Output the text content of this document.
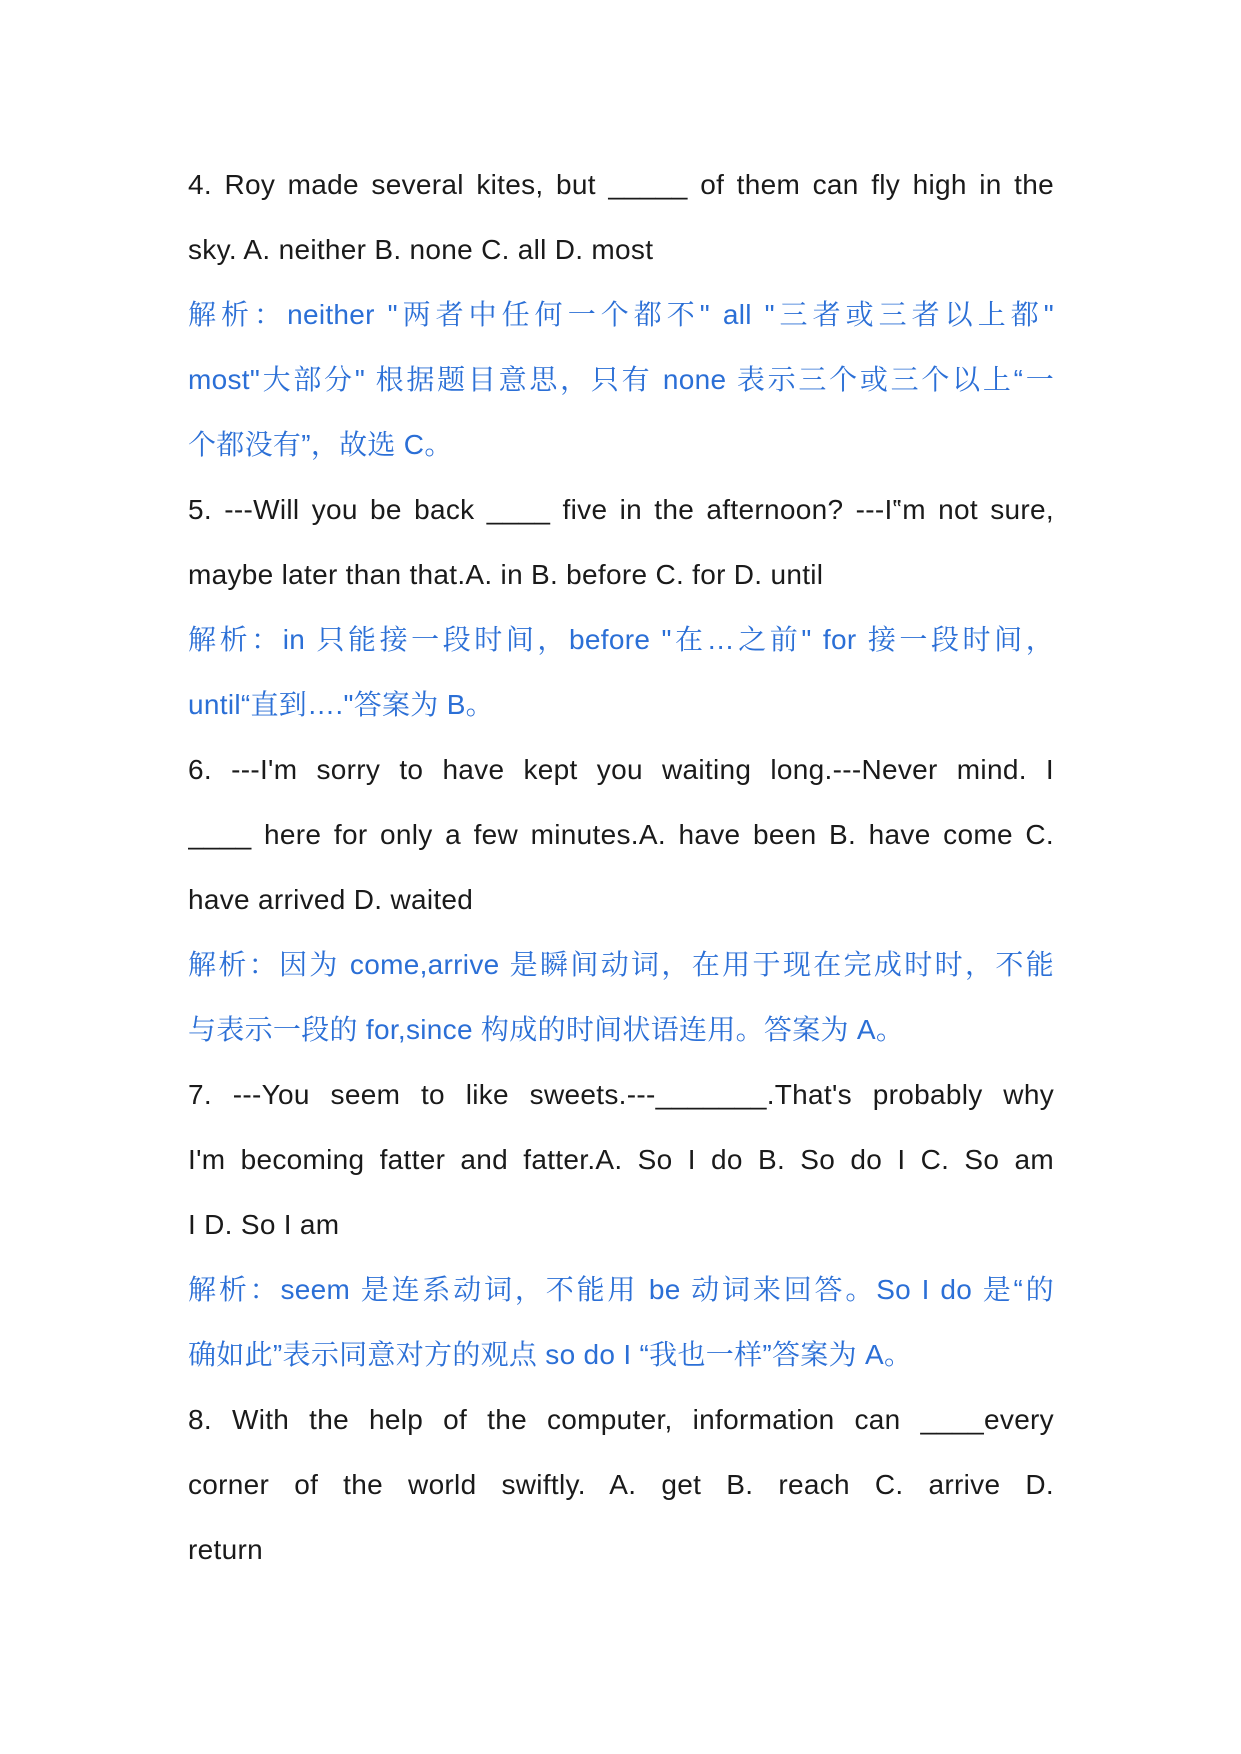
4. Roy made several kites, but _____ of them can fly high in the
sky. A. neither B. none C. all D. most
解析：neither "两者中任何一个都不" all "三者或三者以上都"
most"大部分" 根据题目意思，只有 none 表示三个或三个以上“一
个都没有”，故选 C。
5. ---Will you be back ____ five in the afternoon? ---I‟m not sure,
maybe later than that.A. in B. before C. for D. until
解析：in 只能接一段时间，before "在…之前" for 接一段时间，
until“直到…."答案为 B。
6. ---I'm sorry to have kept you waiting long.---Never mind. I
____ here for only a few minutes.A. have been B. have come C.
have arrived D. waited
解析：因为 come,arrive 是瞬间动词，在用于现在完成时时，不能
与表示一段的 for,since 构成的时间状语连用。答案为 A。
7. ---You seem to like sweets.---_______.That's probably why
I'm becoming fatter and fatter.A. So I do B. So do I C. So am
I D. So I am
解析：seem 是连系动词，不能用 be 动词来回答。So I do 是“的
确如此”表示同意对方的观点 so do I “我也一样”答案为 A。
8. With the help of the computer, information can ____every
corner of the world swiftly. A. get B. reach C. arrive D.
return
